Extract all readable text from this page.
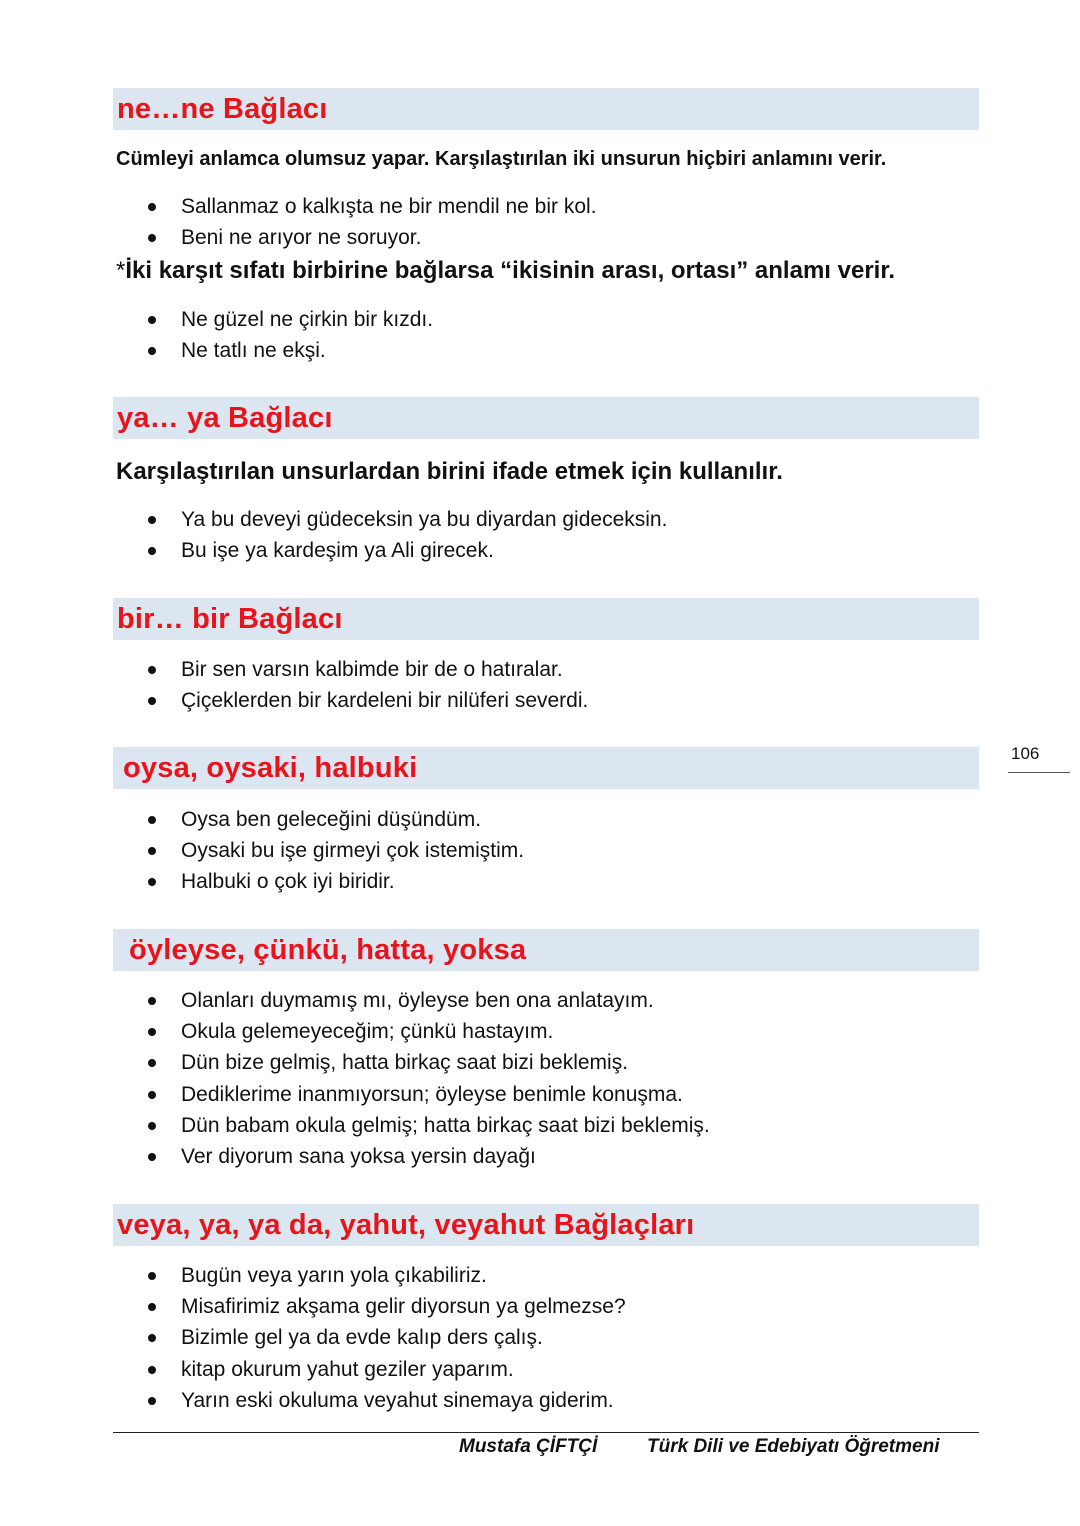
ne…ne Bağlacı
Cümleyi anlamca olumsuz yapar. Karşılaştırılan iki unsurun hiçbiri anlamını verir.
Sallanmaz o kalkışta ne bir mendil ne bir kol.
Beni ne arıyor ne soruyor.
*İki karşıt sıfatı birbirine bağlarsa “ikisinin arası, ortası” anlamı verir.
Ne güzel ne çirkin bir kızdı.
Ne tatlı ne ekşi.
ya… ya Bağlacı
Karşılaştırılan unsurlardan birini ifade etmek için kullanılır.
Ya bu deveyi güdeceksin ya bu diyardan gideceksin.
Bu işe ya kardeşim ya Ali girecek.
bir… bir Bağlacı
Bir sen varsın kalbimde bir de o hatıralar.
Çiçeklerden bir kardeleni bir nilüferi severdi.
oysa, oysaki, halbuki
Oysa ben geleceğini düşündüm.
Oysaki bu işe girmeyi çok istemiştim.
Halbuki o çok iyi biridir.
öyleyse, çünkü, hatta, yoksa
Olanları duymamış mı, öyleyse ben ona anlatayım.
Okula gelemeyeceğim; çünkü hastayım.
Dün bize gelmiş, hatta birkaç saat bizi beklemiş.
Dediklerime inanmıyorsun; öyleyse benimle konuşma.
Dün babam okula gelmiş; hatta birkaç saat bizi beklemiş.
Ver diyorum sana yoksa yersin dayağı
veya, ya, ya da, yahut, veyahut Bağlaçları
Bugün veya yarın yola çıkabiliriz.
Misafirimiz akşama gelir diyorsun ya gelmezse?
Bizimle gel ya da evde kalıp ders çalış.
kitap okurum yahut geziler yaparım.
Yarın eski okuluma veyahut sinemaya giderim.
106
Mustafa ÇİFTÇİ	Türk Dili ve Edebiyatı Öğretmeni
